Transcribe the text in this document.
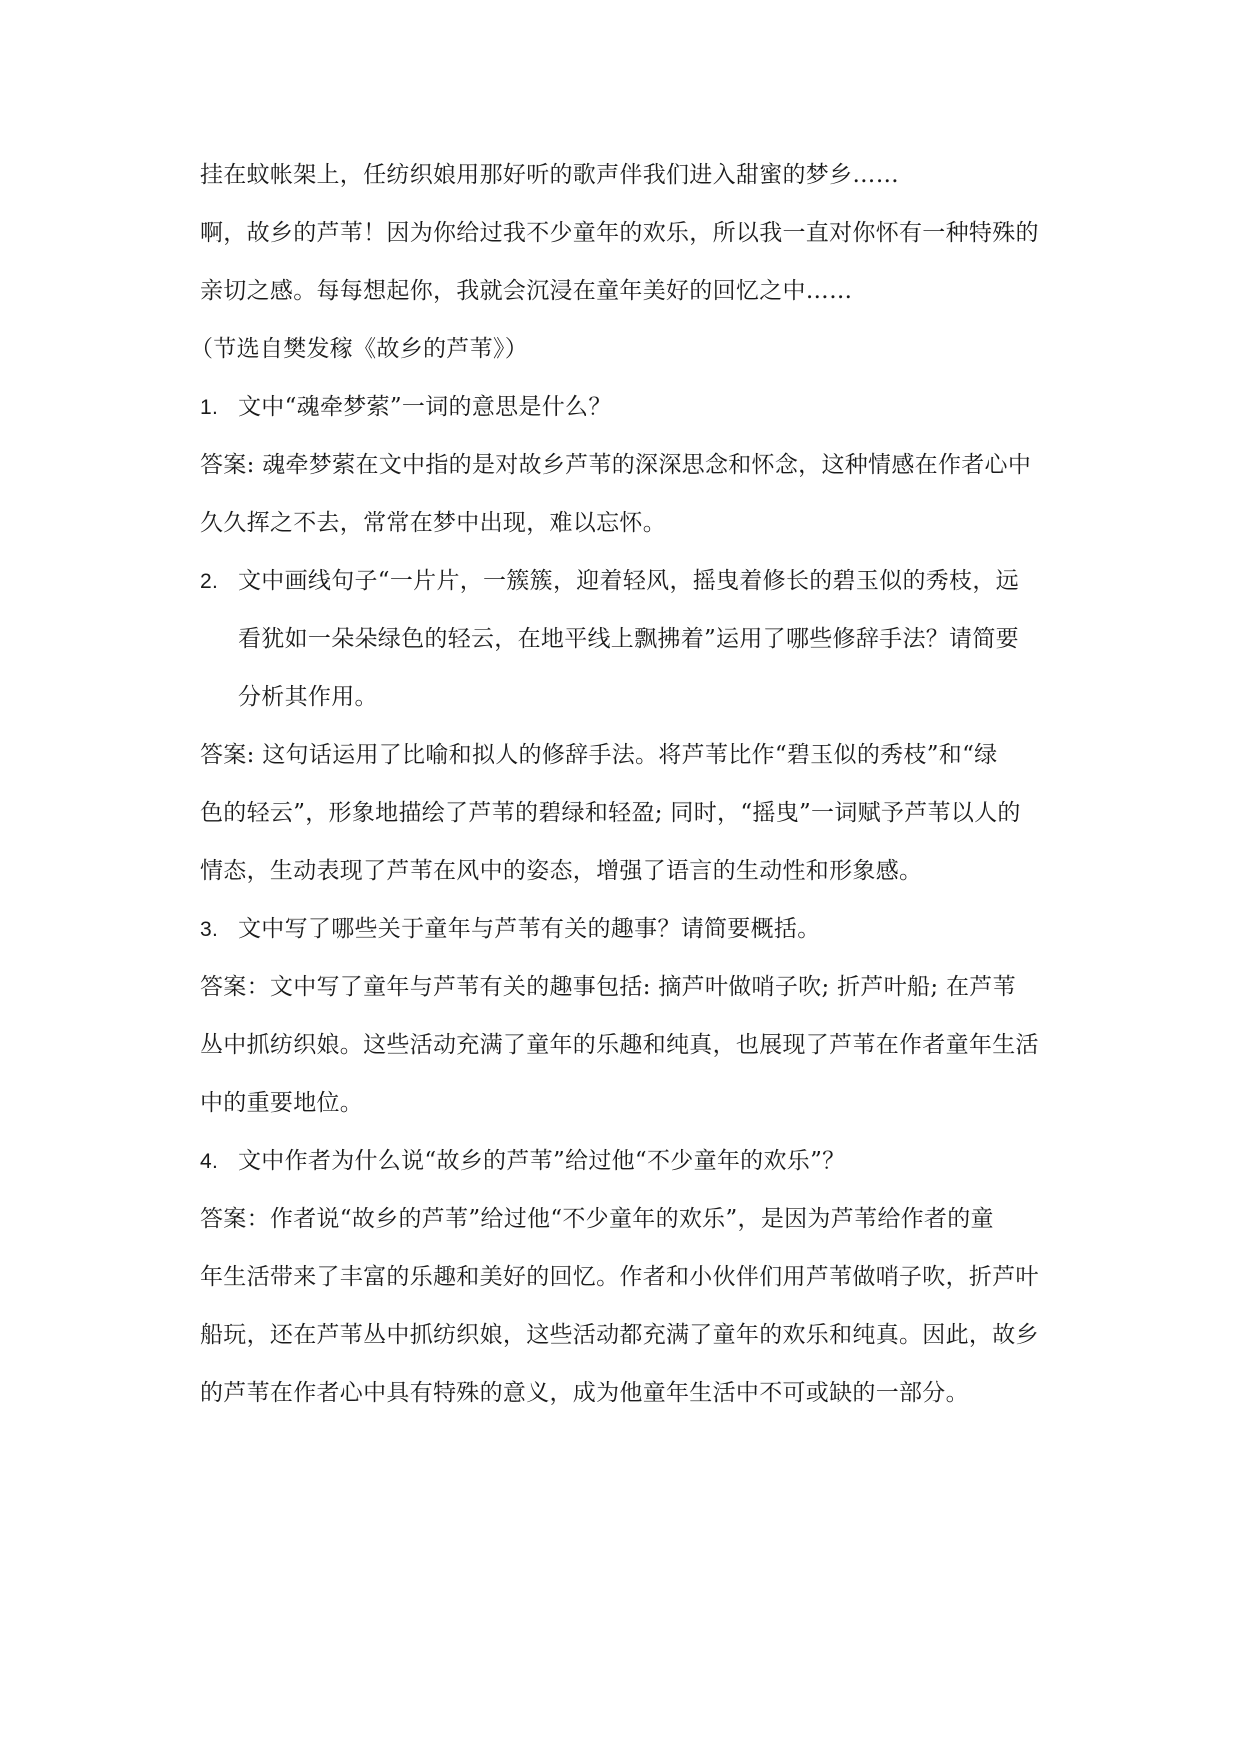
挂在蚊帐架上，任纺织娘用那好听的歌声伴我们进入甜蜜的梦乡……
啊，故乡的芦苇！因为你给过我不少童年的欢乐，所以我一直对你怀有一种特殊的
亲切之感。每每想起你，我就会沉浸在童年美好的回忆之中……
（节选自樊发稼《故乡的芦苇》）
1. 文中“魂牵梦萦”一词的意思是什么？
答案: 魂牵梦萦在文中指的是对故乡芦苇的深深思念和怀念，这种情感在作者心中
久久挥之不去，常常在梦中出现，难以忘怀。
2. 文中画线句子“一片片，一簇簇，迎着轻风，摇曳着修长的碧玉似的秀枝，远
看犹如一朵朵绿色的轻云，在地平线上飘拂着”运用了哪些修辞手法？请简要
分析其作用。
答案: 这句话运用了比喻和拟人的修辞手法。将芦苇比作“碧玉似的秀枝”和“绿
色的轻云”，形象地描绘了芦苇的碧绿和轻盈; 同时，“摇曳”一词赋予芦苇以人的
情态，生动表现了芦苇在风中的姿态，增强了语言的生动性和形象感。
3. 文中写了哪些关于童年与芦苇有关的趣事？请简要概括。
答案：文中写了童年与芦苇有关的趣事包括: 摘芦叶做哨子吹; 折芦叶船; 在芦苇
丛中抓纺织娘。这些活动充满了童年的乐趣和纯真，也展现了芦苇在作者童年生活
中的重要地位。
4. 文中作者为什么说“故乡的芦苇”给过他“不少童年的欢乐”？
答案：作者说“故乡的芦苇”给过他“不少童年的欢乐”，是因为芦苇给作者的童
年生活带来了丰富的乐趣和美好的回忆。作者和小伙伴们用芦苇做哨子吹，折芦叶
船玩，还在芦苇丛中抓纺织娘，这些活动都充满了童年的欢乐和纯真。因此，故乡
的芦苇在作者心中具有特殊的意义，成为他童年生活中不可或缺的一部分。
